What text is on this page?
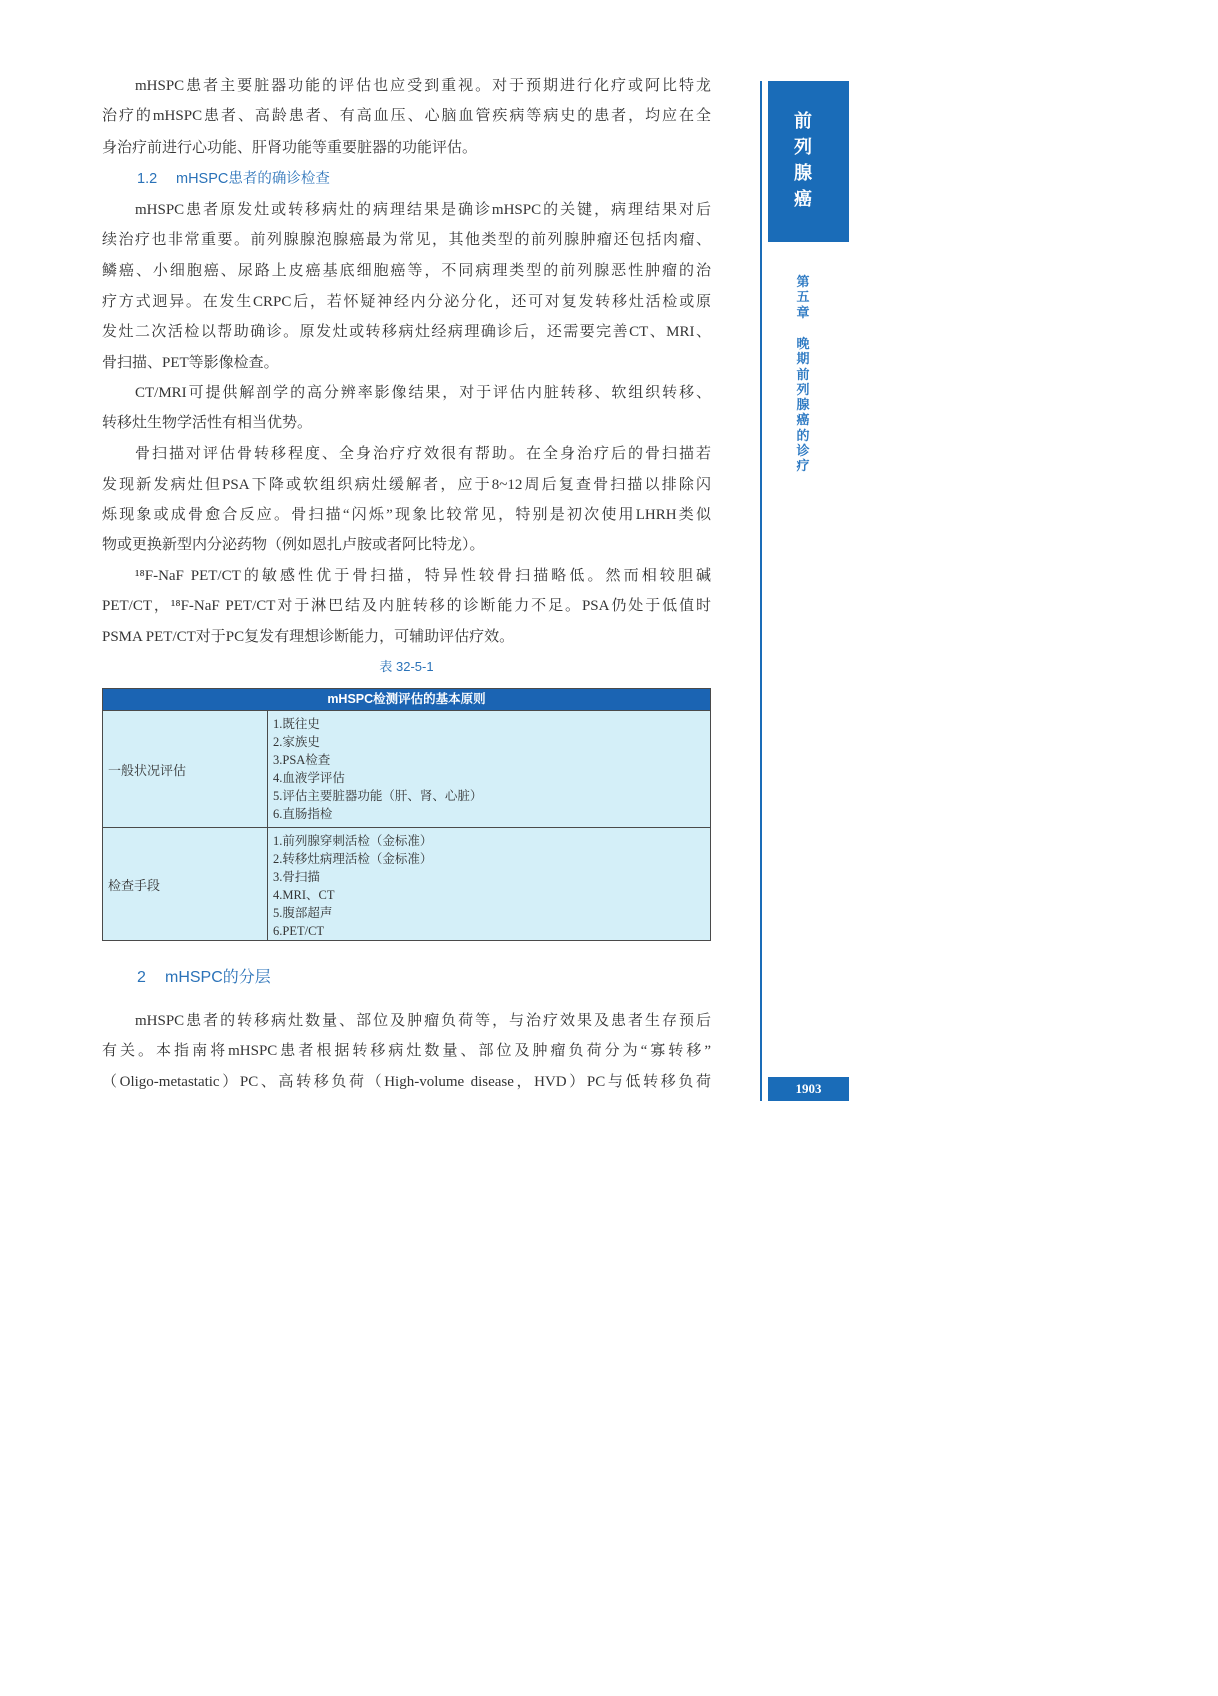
mHSPC患者主要脏器功能的评估也应受到重视。对于预期进行化疗或阿比特龙
治疗的mHSPC患者、高龄患者、有高血压、心脑血管疾病等病史的患者，均应在全
身治疗前进行心功能、肝肾功能等重要脏器的功能评估。
1.2 mHSPC患者的确诊检查
mHSPC患者原发灶或转移病灶的病理结果是确诊mHSPC的关键，病理结果对后
续治疗也非常重要。前列腺腺泡腺癌最为常见，其他类型的前列腺肿瘤还包括肉瘤、
鳞癌、小细胞癌、尿路上皮癌基底细胞癌等，不同病理类型的前列腺恶性肿瘤的治
疗方式迥异。在发生CRPC后，若怀疑神经内分泌分化，还可对复发转移灶活检或原
发灶二次活检以帮助确诊。原发灶或转移病灶经病理确诊后，还需要完善CT、MRI、
骨扫描、PET等影像检查。
CT/MRI可提供解剖学的高分辨率影像结果，对于评估内脏转移、软组织转移、
转移灶生物学活性有相当优势。
骨扫描对评估骨转移程度、全身治疗疗效很有帮助。在全身治疗后的骨扫描若
发现新发病灶但PSA下降或软组织病灶缓解者，应于8~12周后复查骨扫描以排除闪
烁现象或成骨愈合反应。骨扫描“闪烁”现象比较常见，特别是初次使用LHRH类似
物或更换新型内分泌药物（例如恩扎卢胺或者阿比特龙）。
¹⁸F-NaF PET/CT的敏感性优于骨扫描，特异性较骨扫描略低。然而相较胆碱
PET/CT，¹⁸F-NaF PET/CT对于淋巴结及内脏转移的诊断能力不足。PSA仍处于低值时
PSMA PET/CT对于PC复发有理想诊断能力，可辅助评估疗效。
表 32-5-1
mHSPC检测评估的基本原则
一般状况评估
1.既往史
2.家族史
3.PSA检查
4.血液学评估
5.评估主要脏器功能（肝、肾、心脏）
6.直肠指检
检查手段
1.前列腺穿刺活检（金标准）
2.转移灶病理活检（金标准）
3.骨扫描
4.MRI、CT
5.腹部超声
6.PET/CT
2 mHSPC的分层
mHSPC患者的转移病灶数量、部位及肿瘤负荷等，与治疗效果及患者生存预后
有关。本指南将mHSPC患者根据转移病灶数量、部位及肿瘤负荷分为“寡转移”
（Oligo-metastatic）PC、高转移负荷（High-volume disease，HVD）PC与低转移负荷
前列腺癌
第五章
晚期前列腺癌的诊疗
1903
